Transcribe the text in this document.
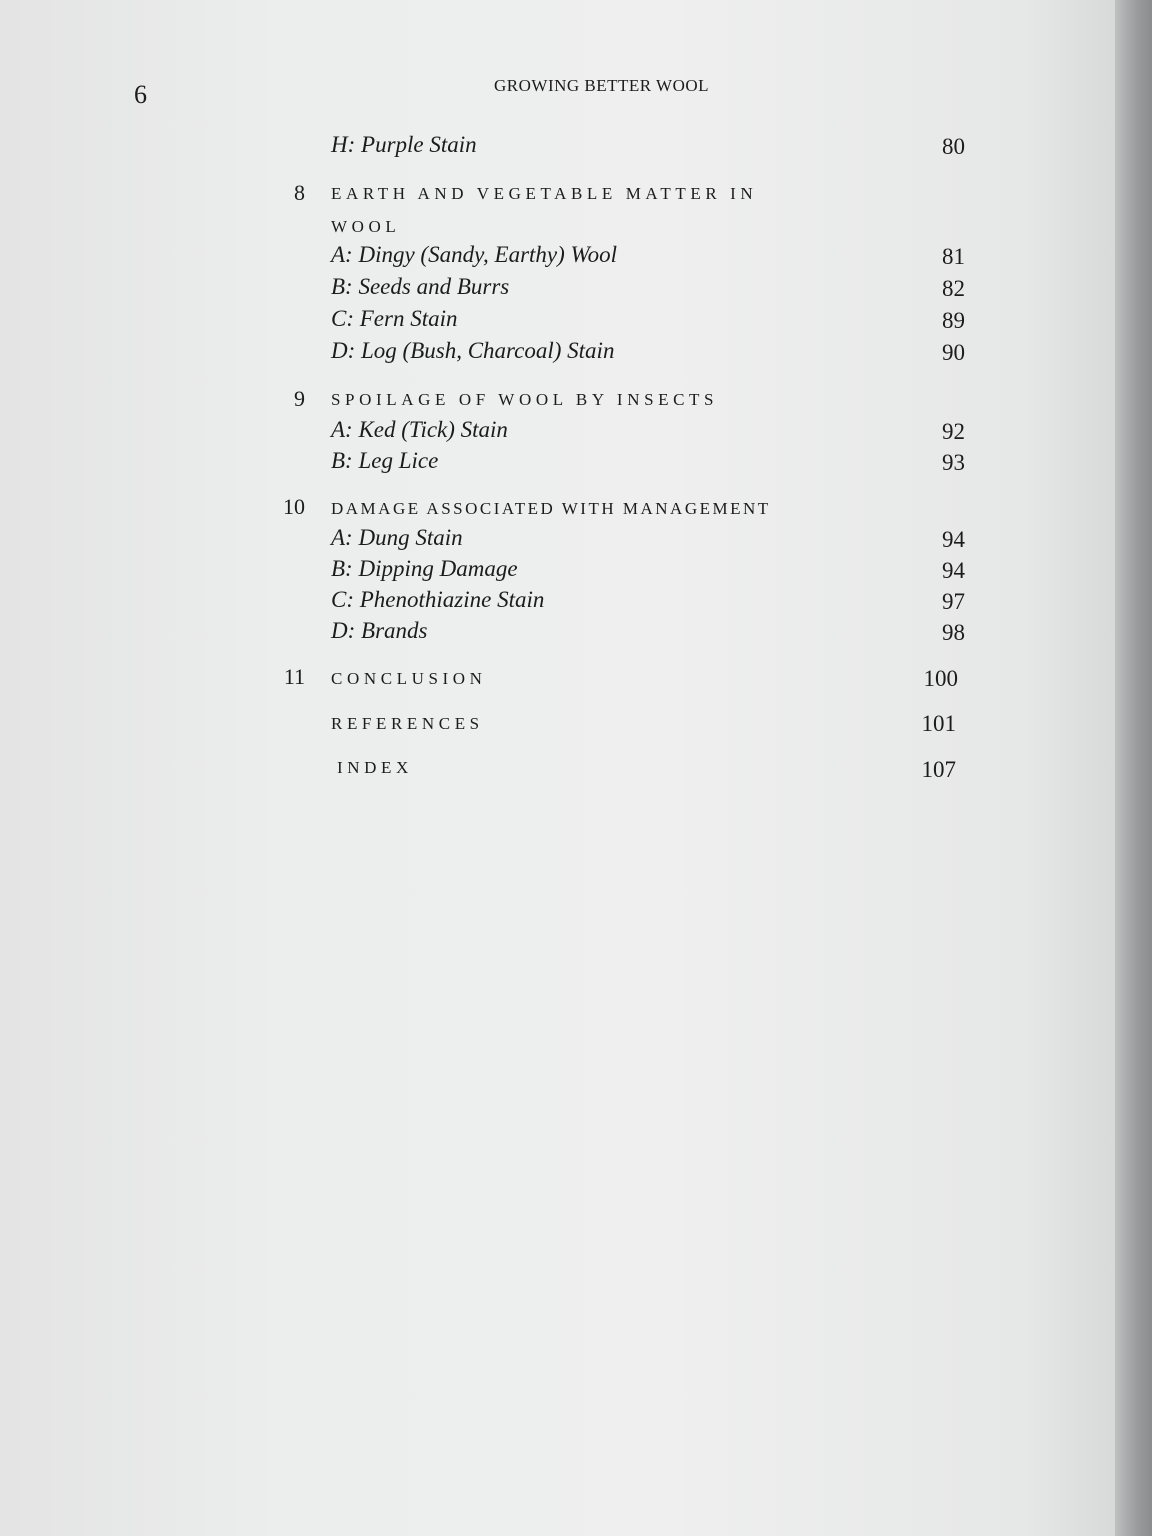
6	GROWING BETTER WOOL
H: Purple Stain	80
8 EARTH AND VEGETABLE MATTER IN
WOOL
A: Dingy (Sandy, Earthy) Wool	81
B: Seeds and Burrs	82
C: Fern Stain	89
D: Log (Bush, Charcoal) Stain	90
9 SPOILAGE OF WOOL BY INSECTS
A: Ked (Tick) Stain	92
B: Leg Lice	93
10 DAMAGE ASSOCIATED WITH MANAGEMENT
A: Dung Stain	94
B: Dipping Damage	94
C: Phenothiazine Stain	97
D: Brands	98
11 CONCLUSION	100
REFERENCES	101
INDEX	107
